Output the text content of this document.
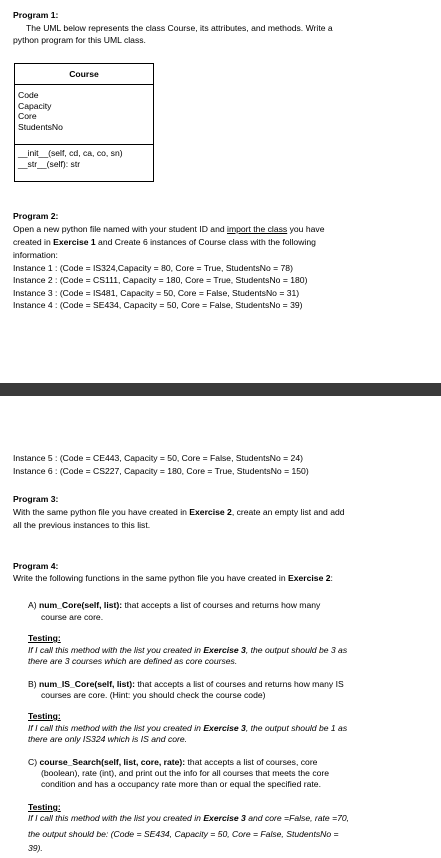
Program 1:
The UML below represents the class Course, its attributes, and methods. Write a
python program for this UML class.
Course
Code
Capacity
Core
StudentsNo
__init__(self, cd, ca, co, sn)
__str__(self): str
Program 2:
Open a new python file named with your student ID and import the class you have
created in Exercise 1 and Create 6 instances of Course class with the following
information:
Instance 1 : (Code = IS324,Capacity = 80, Core = True, StudentsNo = 78)
Instance 2 : (Code = CS111, Capacity = 180, Core = True, StudentsNo = 180)
Instance 3 : (Code = IS481, Capacity = 50, Core = False, StudentsNo = 31)
Instance 4 : (Code = SE434, Capacity = 50, Core = False, StudentsNo = 39)
Instance 5 : (Code = CE443, Capacity = 50, Core = False, StudentsNo = 24)
Instance 6 : (Code = CS227, Capacity = 180, Core = True, StudentsNo = 150)
Program 3:
With the same python file you have created in Exercise 2, create an empty list and add
all the previous instances to this list.
Program 4:
Write the following functions in the same python file you have created in Exercise 2:
A) num_Core(self, list): that accepts a list of courses and returns how many
course are core.
Testing:
If I call this method with the list you created in Exercise 3, the output should be 3 as
there are 3 courses which are defined as core courses.
B) num_IS_Core(self, list): that accepts a list of courses and returns how many IS
courses are core. (Hint: you should check the course code)
Testing:
If I call this method with the list you created in Exercise 3, the output should be 1 as
there are only IS324 which is IS and core.
C) course_Search(self, list, core, rate): that accepts a list of courses, core
(boolean), rate (int), and print out the info for all courses that meets the core
condition and has a occupancy rate more than or equal the specified rate.
Testing:
If I call this method with the list you created in Exercise 3 and core =False, rate =70,
the output should be: (Code = SE434, Capacity = 50, Core = False, StudentsNo =
39).
